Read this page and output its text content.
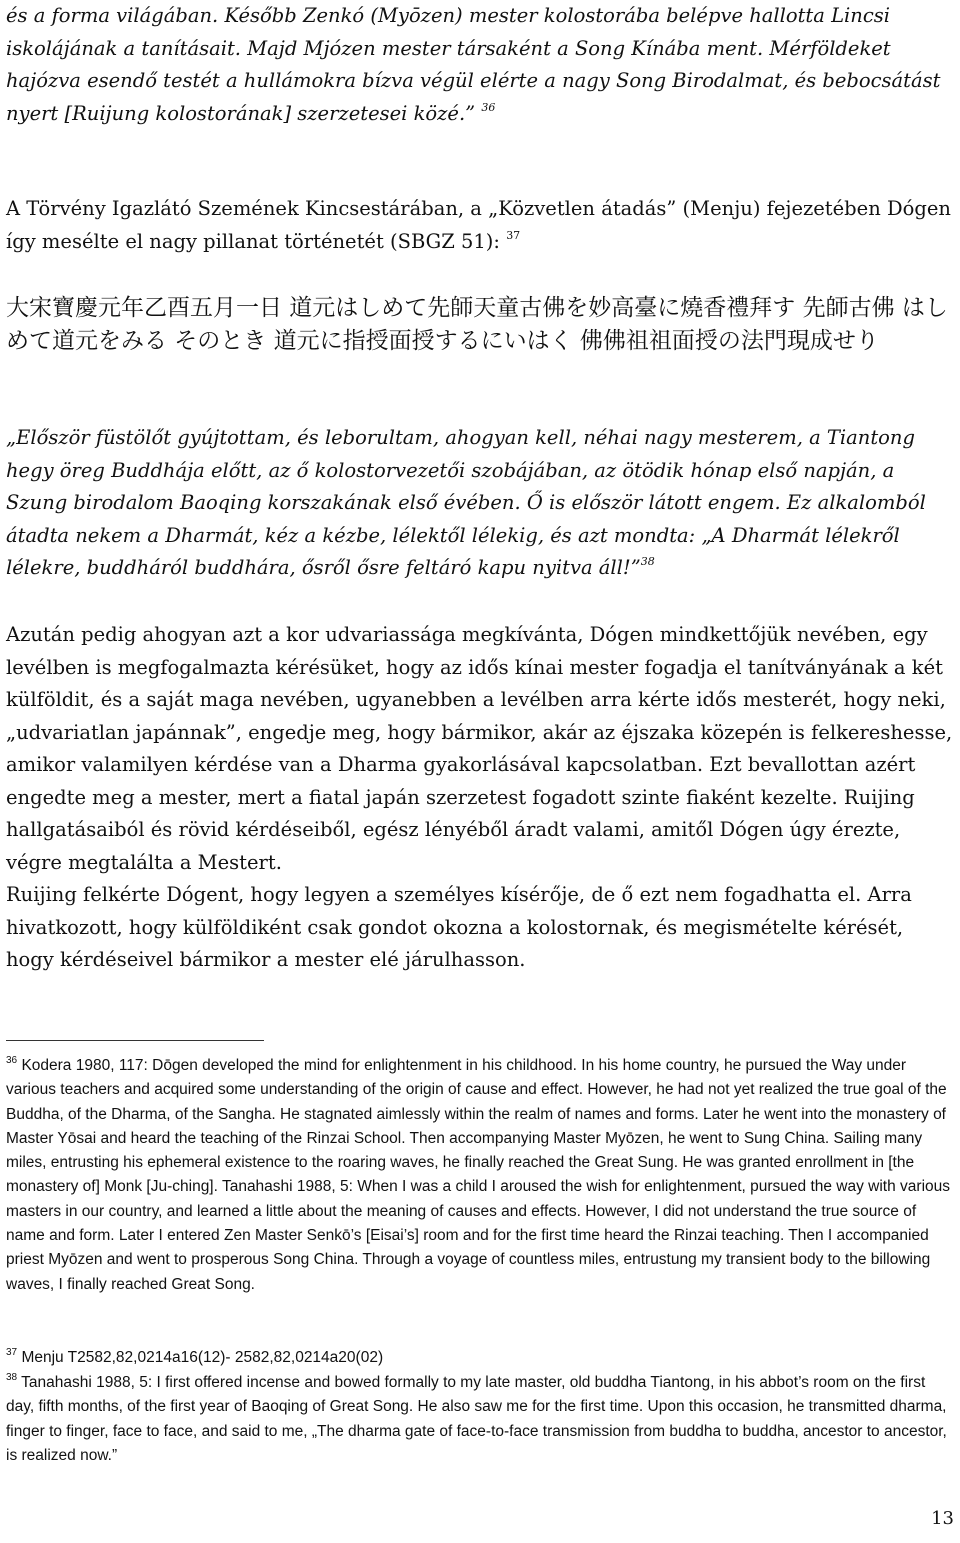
és a forma világában. Később Zenkó (Myōzen) mester kolostorába belépve hallotta Lincsi iskolájának a tanításait. Majd Mjózen mester társaként a Song Kínába ment. Mérföldeket hajózva esendő testét a hullámokra bízva végül elérte a nagy Song Birodalmat, és bebocsátást nyert [Ruijung kolostorának] szerzetesei közé.” $^{36}$

A Törvény Igazlátó Szemének Kincsestárában, a „Közvetlen átadás” (Menju) fejezetében Dógen így mesélte el nagy pillanat történetét (SBGZ 51): $^{37}$

大宋寶慶元年乙酉五月一日 道元はしめて先師天童古佛を妙高臺に燒香禮拜す 先師古佛 はしめて道元をみる そのとき 道元に指授面授するにいはく 佛佛祖祖面授の法門現成せり

„Először füstölőt gyújtottam, és leborultam, ahogyan kell, néhai nagy mesterem, a Tiantong hegy öreg Buddhája előtt, az ő kolostorvezetői szobájában, az ötödik hónap első napján, a Szung birodalom Baoqing korszakának első évében. Ő is először látott engem. Ez alkalomból átadta nekem a Dharmát, kéz a kézbe, lélektől lélekig, és azt mondta: „A Dharmát lélekről lélekre, buddháról buddhára, ősről ősre feltáró kapu nyitva áll!”$^{38}$

Azután pedig ahogyan azt a kor udvariassága megkívánta, Dógen mindkettőjük nevében, egy levélben is megfogalmazta kérésüket, hogy az idős kínai mester fogadja el tanítványának a két külföldit, és a saját maga nevében, ugyanebben a levélben arra kérte idős mesterét, hogy neki, „udvariatlan japánnak”, engedje meg, hogy bármikor, akár az éjszaka közepén is felkereshesse, amikor valamilyen kérdése van a Dharma gyakorlásával kapcsolatban. Ezt bevallottan azért engedte meg a mester, mert a fiatal japán szerzetest fogadott szinte fiaként kezelte. Ruijing hallgatásaiból és rövid kérdéseiből, egész lényéből áradt valami, amitől Dógen úgy érezte, végre megtalálta a Mestert.

Ruijing felkérte Dógent, hogy legyen a személyes kísérője, de ő ezt nem fogadhatta el. Arra hivatkozott, hogy külföldiként csak gondot okozna a kolostornak, és megismételte kérését, hogy kérdéseivel bármikor a mester elé járulhasson.

$^{36}$ Kodera 1980, 117: Dōgen developed the mind for enlightenment in his childhood. In his home country, he pursued the Way under various teachers and acquired some understanding of the origin of cause and effect. However, he had not yet realized the true goal of the Buddha, of the Dharma, of the Sangha. He stagnated aimlessly within the realm of names and forms. Later he went into the monastery of Master Yōsai and heard the teaching of the Rinzai School. Then accompanying Master Myōzen, he went to Sung China. Sailing many miles, entrusting his ephemeral existence to the roaring waves, he finally reached the Great Sung. He was granted enrollment in [the monastery of] Monk [Ju-ching]. Tanahashi 1988, 5: When I was a child I aroused the wish for enlightenment, pursued the way with various masters in our country, and learned a little about the meaning of causes and effects. However, I did not understand the true source of name and form. Later I entered Zen Master Senkō’s [Eisai’s] room and for the first time heard the Rinzai teaching. Then I accompanied priest Myōzen and went to prosperous Song China. Through a voyage of countless miles, entrustung my transient body to the billowing waves, I finally reached Great Song.

$^{37}$ Menju T2582,82,0214a16(12)- 2582,82,0214a20(02)

$^{38}$ Tanahashi 1988, 5: I first offered incense and bowed formally to my late master, old buddha Tiantong, in his abbot’s room on the first day, fifth months, of the first year of Baoqing of Great Song. He also saw me for the first time. Upon this occasion, he transmitted dharma, finger to finger, face to face, and said to me, „The dharma gate of face-to-face transmission from buddha to buddha, ancestor to ancestor, is realized now.”

13
